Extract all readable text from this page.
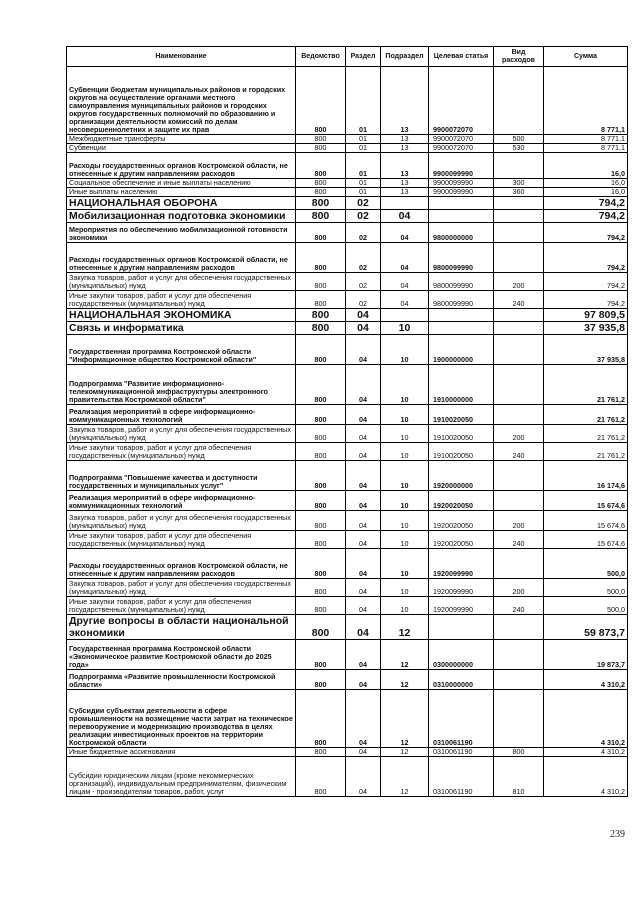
Наименование	Ведомство	Раздел	Подраздел	Целевая статья	Вид расходов	Сумма
Субвенции бюджетам муниципальных районов и городских округов на осуществление органами местного самоуправления муниципальных районов и городских округов государственных полномочий по образованию и организации деятельности комиссий по делам несовершеннолетних и защите их прав	800	01	13	9900072070		8 771,1
Межбюджетные трансферты	800	01	13	9900072070	500	8 771,1
Субвенции	800	01	13	9900072070	530	8 771,1
Расходы государственных органов Костромской области, не отнесенные к другим направлениям расходов	800	01	13	9900099990		16,0
Социальное обеспечение и иные выплаты населению	800	01	13	9900099990	300	16,0
Иные выплаты населению	800	01	13	9900099990	360	16,0
НАЦИОНАЛЬНАЯ ОБОРОНА	800	02				794,2
Мобилизационная подготовка экономики	800	02	04			794,2
Мероприятия по обеспечению мобилизационной готовности экономики	800	02	04	9800000000		794,2
Расходы государственных органов Костромской области, не отнесенные к другим направлениям расходов	800	02	04	9800099990		794,2
Закупка товаров, работ и услуг для обеспечения государственных (муниципальных) нужд	800	02	04	9800099990	200	794,2
Иные закупки товаров, работ и услуг для обеспечения государственных (муниципальных) нужд	800	02	04	9800099990	240	794,2
НАЦИОНАЛЬНАЯ ЭКОНОМИКА	800	04				97 809,5
Связь и информатика	800	04	10			37 935,8
Государственная программа Костромской области "Информационное общество Костромской области"	800	04	10	1900000000		37 935,8
Подпрограмма "Развитие информационно-телекоммуникационной инфраструктуры электронного правительства Костромской области"	800	04	10	1910000000		21 761,2
Реализация мероприятий в сфере информационно-коммуникационных технологий	800	04	10	1910020050		21 761,2
Закупка товаров, работ и услуг для обеспечения государственных (муниципальных) нужд	800	04	10	1910020050	200	21 761,2
Иные закупки товаров, работ и услуг для обеспечения государственных (муниципальных) нужд	800	04	10	1910020050	240	21 761,2
Подпрограмма "Повышение качества и доступности государственных и муниципальных услуг"	800	04	10	1920000000		16 174,6
Реализация мероприятий в сфере информационно-коммуникационных технологий	800	04	10	1920020050		15 674,6
Закупка товаров, работ и услуг для обеспечения государственных (муниципальных) нужд	800	04	10	1920020050	200	15 674,6
Иные закупки товаров, работ и услуг для обеспечения государственных (муниципальных) нужд	800	04	10	1920020050	240	15 674,6
Расходы государственных органов Костромской области, не отнесенные к другим направлениям расходов	800	04	10	1920099990		500,0
Закупка товаров, работ и услуг для обеспечения государственных (муниципальных) нужд	800	04	10	1920099990	200	500,0
Иные закупки товаров, работ и услуг для обеспечения государственных (муниципальных) нужд	800	04	10	1920099990	240	500,0
Другие вопросы в области национальной экономики	800	04	12			59 873,7
Государственная программа Костромской области «Экономическое развитие Костромской области до 2025 года»	800	04	12	0300000000		19 873,7
Подпрограмма «Развитие промышленности Костромской области»	800	04	12	0310000000		4 310,2
Субсидии субъектам деятельности в сфере промышленности на возмещение части затрат на техническое перевооружение и модернизацию производства в целях реализации инвестиционных проектов на территории Костромской области	800	04	12	0310061190		4 310,2
Иные бюджетные ассигнования	800	04	12	0310061190	800	4 310,2
Субсидии юридическим лицам (кроме некоммерческих организаций), индивидуальным предпринимателям, физическим лицам - производителям товаров, работ, услуг	800	04	12	0310061190	810	4 310,2
239
